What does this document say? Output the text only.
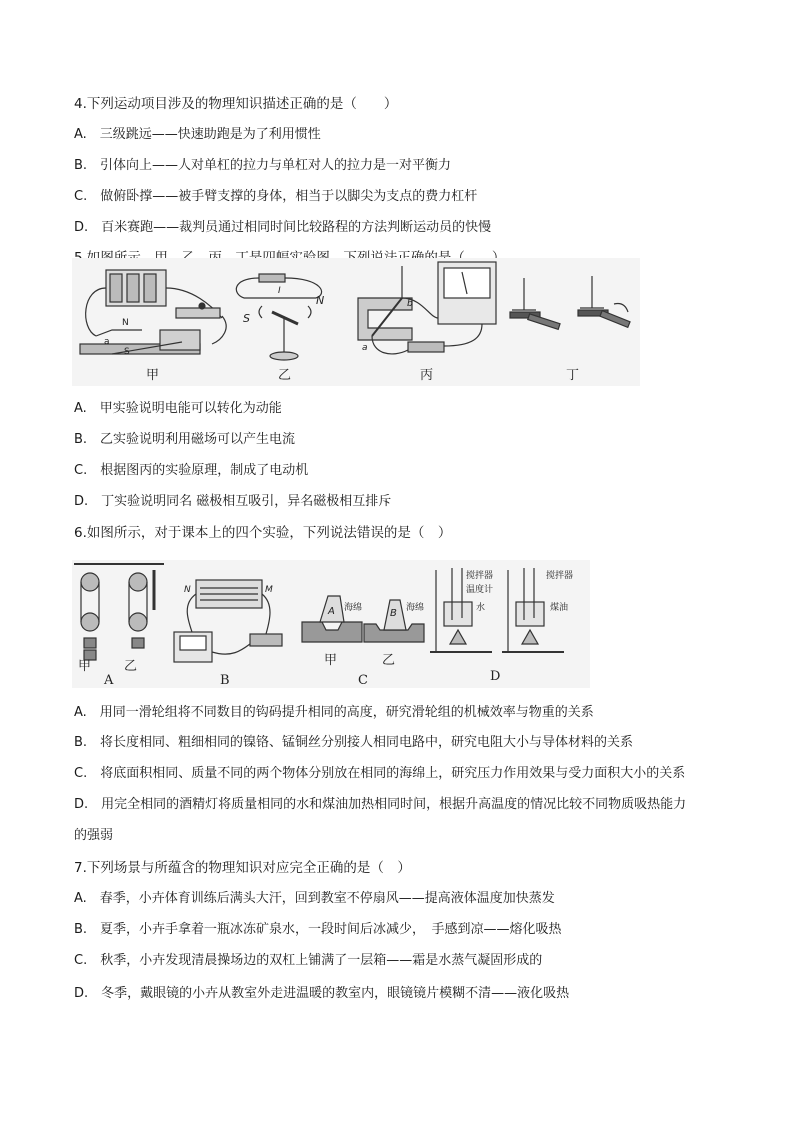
4.下列运动项目涉及的物理知识描述正确的是（　　）
A.　三级跳远——快速助跑是为了利用惯性
B.　引体向上——人对单杠的拉力与单杠对人的拉力是一对平衡力
C.　做俯卧撑——被手臂支撑的身体，相当于以脚尖为支点的费力杠杆
D.　百米赛跑——裁判员通过相同时间比较路程的方法判断运动员的快慢
N
a
S
甲
I
S
N
乙
b
a
丙	丁
A.　甲实验说明电能可以转化为动能
B.　乙实验说明利用磁场可以产生电流
C.　根据图丙的实验原理，制成了电动机
D.　丁实验说明同名 磁极相互吸引，异名磁极相互排斥
6.如图所示，对于课本上的四个实验，下列说法错误的是（　）
甲	乙
A
N	M
B
A 海绵	B 海绵
甲	乙
C
搅拌器
温度计
水
搅拌器
煤油
D
A.　用同一滑轮组将不同数目的钩码提升相同的高度，研究滑轮组的机械效率与物重的关系
B.　将长度相同、粗细相同的镍铬、锰铜丝分别接人相同电路中，研究电阻大小与导体材料的关系
C.　将底面积相同、质量不同的两个物体分别放在相同的海绵上，研究压力作用效果与受力面积大小的关系
D.　用完全相同的酒精灯将质量相同的水和煤油加热相同时间，根据升高温度的情况比较不同物质吸热能力
的强弱
7.下列场景与所蕴含的物理知识对应完全正确的是（　）
A.　春季，小卉体育训练后满头大汗，回到教室不停扇风——提高液体温度加快蒸发
B.　夏季，小卉手拿着一瓶冰冻矿泉水，一段时间后冰减少，　手感到凉——熔化吸热
C.　秋季，小卉发现清晨操场边的双杠上铺满了一层箱——霜是水蒸气凝固形成的
D.　冬季，戴眼镜的小卉从教室外走进温暖的教室内，眼镜镜片模糊不清——液化吸热
